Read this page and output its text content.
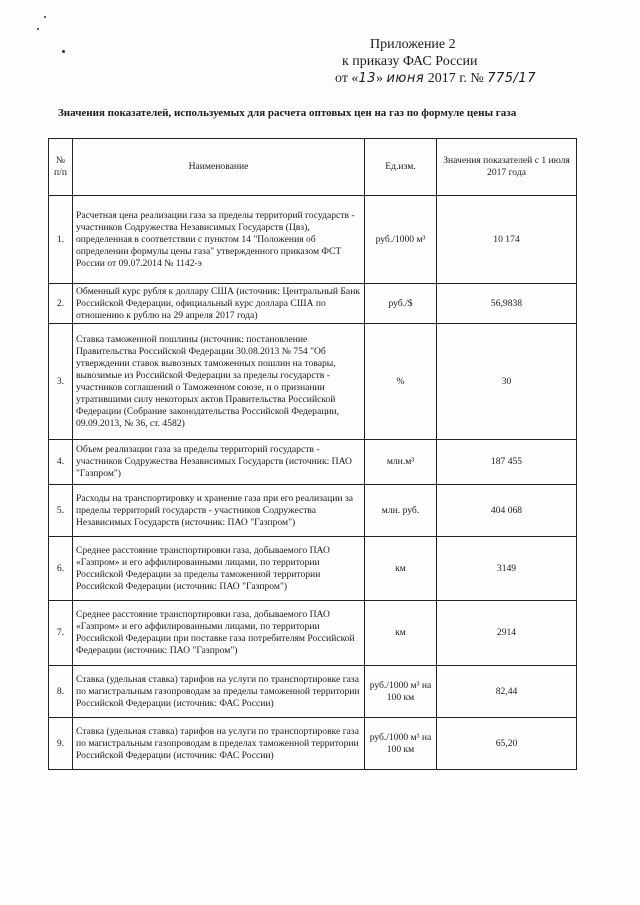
Приложение 2
к приказу ФАС России
от «13» июня 2017 г. № 775/17
Значения показателей, используемых для расчета оптовых цен на газ по формуле цены газа
№ п/п	Наименование	Ед.изм.	Значения показателей с 1 июля 2017 года
1.	Расчетная цена реализации газа за пределы территорий государств - участников Содружества Независимых Государств (Цвз), определенная в соответствии с пунктом 14 "Положения об определении формулы цены газа" утвержденного приказом ФСТ России от 09.07.2014 № 1142-э	руб./1000 м³	10 174
2.	Обменный курс рубля к доллару США (источник: Центральный Банк Российской Федерации, официальный курс доллара США по отношению к рублю на 29 апреля 2017 года)	руб./$	56,9838
3.	Ставка таможенной пошлины (источник: постановление Правительства Российской Федерации 30.08.2013 № 754 "Об утверждении ставок вывозных таможенных пошлин на товары, вывозимые из Российской Федерации за пределы государств - участников соглашений о Таможенном союзе, и о признании утратившими силу некоторых актов Правительства Российской Федерации (Собрание законодательства Российской Федерации, 09.09.2013, № 36, ст. 4582)	%	30
4.	Объем реализации газа за пределы территорий государств - участников Содружества Независимых Государств (источник: ПАО "Газпром")	млн.м³	187 455
5.	Расходы на транспортировку и хранение газа при его реализации за пределы территорий государств - участников Содружества Независимых Государств (источник: ПАО "Газпром")	млн. руб.	404 068
6.	Среднее расстояние транспортировки газа, добываемого ПАО «Газпром» и его аффилированными лицами, по территории Российской Федерации за пределы таможенной территории Российской Федерации (источник: ПАО "Газпром")	км	3149
7.	Среднее расстояние транспортировки газа, добываемого ПАО «Газпром» и его аффилированными лицами, по территории Российской Федерации при поставке газа потребителям Российской Федерации (источник: ПАО "Газпром")	км	2914
8.	Ставка (удельная ставка) тарифов на услуги по транспортировке газа по магистральным газопроводам за пределы таможенной территории Российской Федерации (источник: ФАС России)	руб./1000 м³ на 100 км	82,44
9.	Ставка (удельная ставка) тарифов на услуги по транспортировке газа по магистральным газопроводам в пределах таможенной территории Российской Федерации (источник: ФАС России)	руб./1000 м³ на 100 км	65,20
